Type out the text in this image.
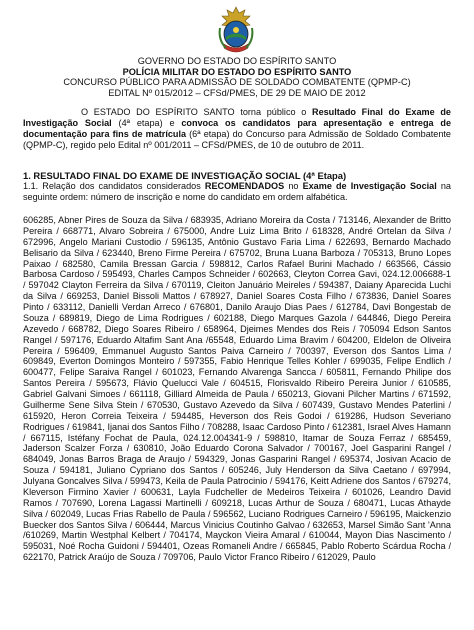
GOVERNO DO ESTADO DO ESPÍRITO SANTO
POLÍCIA MILITAR DO ESTADO DO ESPÍRITO SANTO
CONCURSO PÚBLICO PARA ADMISSÃO DE SOLDADO COMBATENTE (QPMP-C)
EDITAL Nº 015/2012 – CFSd/PMES, DE 29 DE MAIO DE 2012
O ESTADO DO ESPÍRITO SANTO torna público o Resultado Final do Exame de Investigação Social (4ª etapa) e convoca os candidatos para apresentação e entrega de documentação para fins de matrícula (6ª etapa) do Concurso para Admissão de Soldado Combatente (QPMP-C), regido pelo Edital nº 001/2011 – CFSd/PMES, de 10 de outubro de 2011.
1. RESULTADO FINAL DO EXAME DE INVESTIGAÇÃO SOCIAL (4ª Etapa)
1.1. Relação dos candidatos considerados RECOMENDADOS no Exame de Investigação Social na seguinte ordem: número de inscrição e nome do candidato em ordem alfabética.
606285, Abner Pires de Souza da Silva / 683935, Adriano Moreira da Costa / 713146, Alexander de Britto Pereira / 668771, Alvaro Sobreira / 675000, Andre Luiz Lima Brito / 618328, André Ortelan da Silva / 672996, Angelo Mariani Custodio / 596135, Antônio Gustavo Faria Lima / 622693, Bernardo Machado Belisario da Silva / 623440, Breno Firme Pereira / 675702, Bruna Luana Barboza / 705313, Bruno Lopes Paixao / 682580, Camila Bressan Garcia / 598812, Carlos Rafael Burini Machado / 663566, Cássio Barbosa Cardoso / 595493, Charles Campos Schneider / 602663, Cleyton Correa Gavi, 024.12.006688-1 / 597042 Clayton Ferreira da Silva / 670119, Cleiton Januário Meireles / 594387, Daiany Aparecida Luchi da Silva / 669253, Daniel Bissoli Mattos / 678927, Daniel Soares Costa Filho / 673836, Daniel Soares Pinto / 633112, Danielli Verdan Arreco / 676801, Danilo Araujo Dias Paes / 612784, Davi Bongestab de Souza / 689819, Diego de Lima Rodrigues / 602188, Diego Marques Gazola / 644846, Diego Pereira Azevedo / 668782, Diego Soares Ribeiro / 658964, Djeimes Mendes dos Reis / 705094 Edson Santos Rangel / 597176, Eduardo Altafim Sant Ana /65548, Eduardo Lima Bravim / 604200, Eldelon de Oliveira Pereira / 596409, Emmanuel Augusto Santos Paiva Carneiro / 700397, Everson dos Santos Lima / 609849, Everton Domingos Monteiro / 597355, Fabio Henrique Telles Kohler / 699035, Felipe Endlich / 600477, Felipe Saraiva Rangel / 601023, Fernando Alvarenga Sancca / 605811, Fernando Philipe dos Santos Pereira / 595673, Flávio Quelucci Vale / 604515, Florisvaldo Ribeiro Pereira Junior / 610585, Gabriel Galvani Simoes / 661118, Gilliard Almeida de Paula / 650213, Giovani Pilcher Martins / 671592, Guilherme Sene Silva Stein / 670530, Gustavo Azevedo da Silva / 607439, Gustavo Mendes Paterlini / 615920, Heron Correia Teixeira / 594485, Heverson dos Reis Godoi / 619286, Hudson Severiano Rodrigues / 619841, Ijanai dos Santos Filho / 708288, Isaac Cardoso Pinto / 612381, Israel Alves Hamann / 667115, Istéfany Fochat de Paula, 024.12.004341-9 / 598810, Itamar de Souza Ferraz / 685459, Jaderson Scalzer Forza / 630810, João Eduardo Corona Salvador / 700167, Joel Gasparini Rangel / 684049, Jonas Barros Braga de Araujo / 594329, Jonas Gasparini Rangel / 695374, Josivan Acacio de Souza / 594181, Juliano Cypriano dos Santos / 605246, July Henderson da Silva Caetano / 697994, Julyana Goncalves Silva / 599473, Keila de Paula Patrocinio / 594176, Keitt Adriene dos Santos / 679274, Kleverson Firmino Xavier / 600631, Layla Fudcheller de Medeiros Teixeira / 601026, Leandro David Ramos / 707690, Lorena Lagassi Martinelli / 609218, Lucas Arthur de Souza / 680471, Lucas Athayde Silva / 602049, Lucas Frias Rabello de Paula / 596562, Luciano Rodrigues Carneiro / 596195, Maickenzio Buecker dos Santos Silva / 606444, Marcus Vinicius Coutinho Galvao / 632653, Marsel Simão Sant 'Anna /610269, Martin Westphal Kelbert / 704174, Mayckon Vieira Amaral / 610044, Mayon Dias Nascimento / 595031, Noé Rocha Guidoni / 594401, Ozeas Romaneli Andre / 665845, Pablo Roberto Scárdua Rocha / 622170, Patrick Araújo de Souza / 709706, Paulo Victor Franco Ribeiro / 612029, Paulo
